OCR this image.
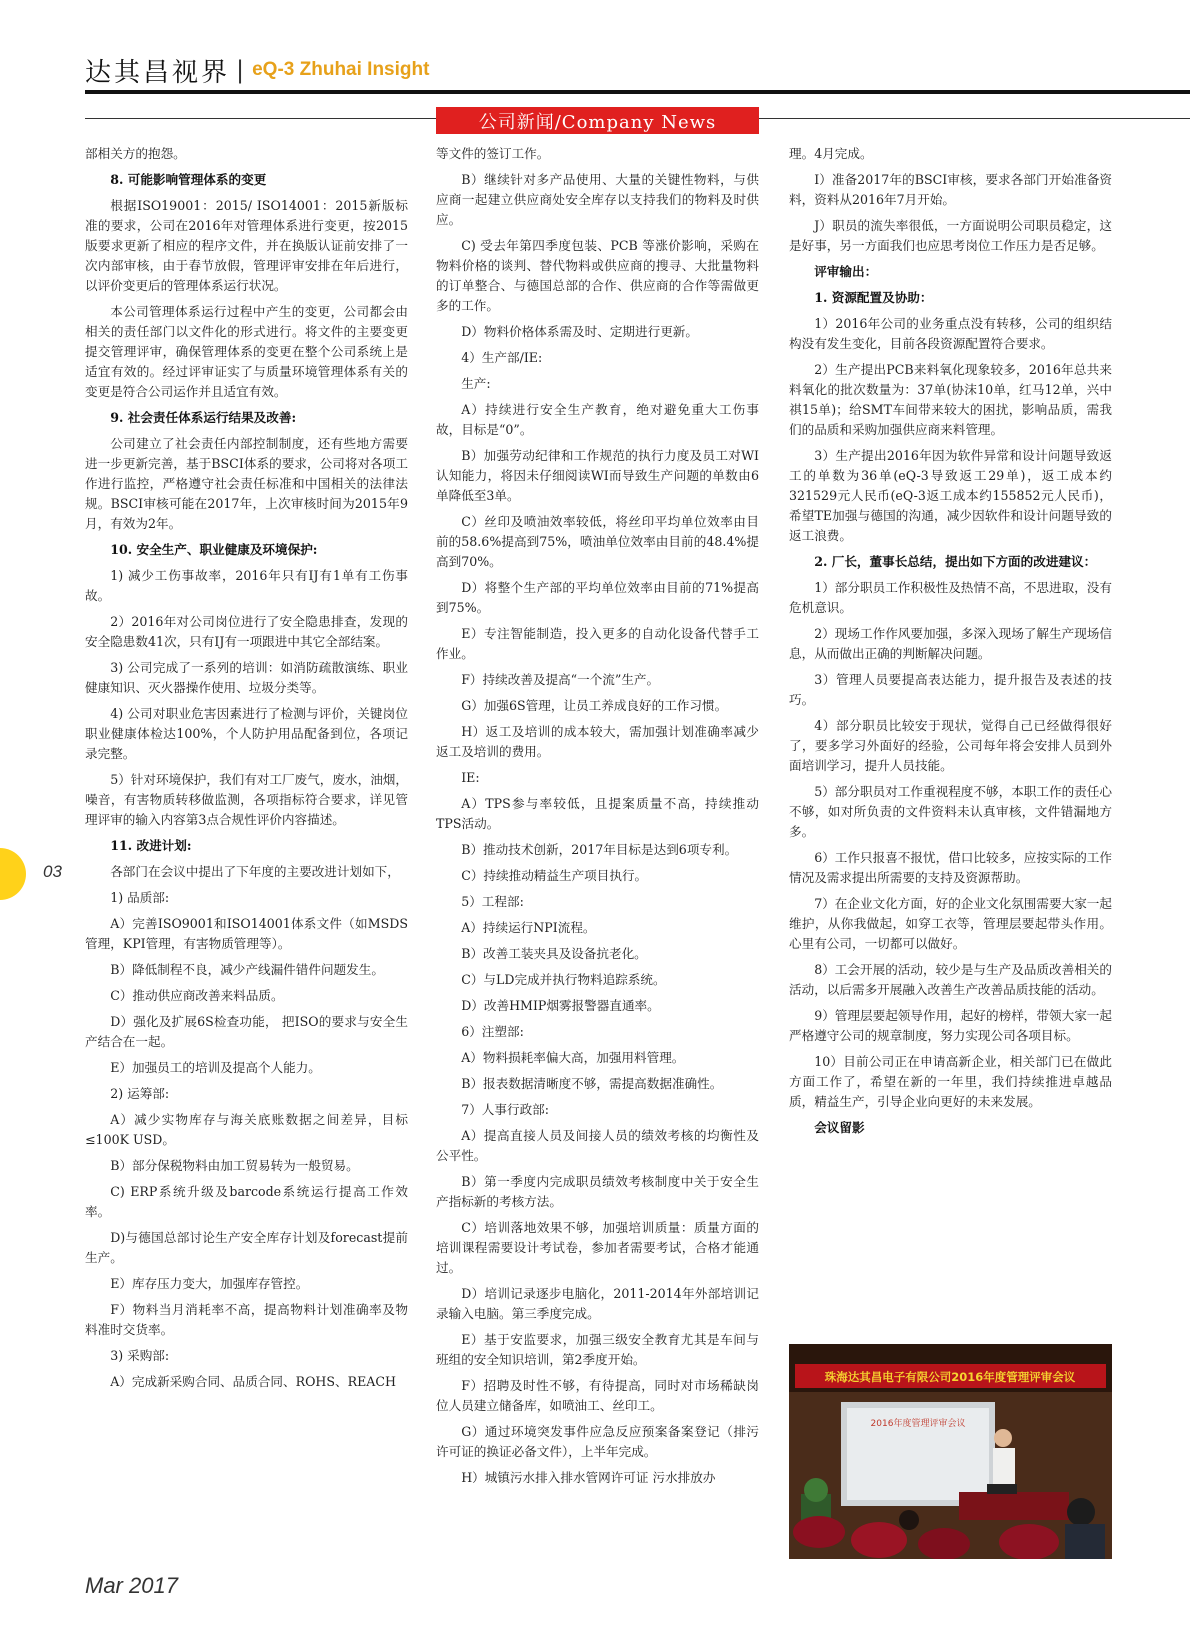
达其昌视界 | eQ-3 Zhuhai Insight
公司新闻/Company News
03

部相关方的抱怨。

8. 可能影响管理体系的变更

根据ISO19001：2015/ ISO14001：2015新版标准的要求，公司在2016年对管理体系进行变更，按2015版要求更新了相应的程序文件，并在换版认证前安排了一次内部审核，由于春节放假，管理评审安排在年后进行，以评价变更后的管理体系运行状况。

本公司管理体系运行过程中产生的变更，公司都会由相关的责任部门以文件化的形式进行。将文件的主要变更提交管理评审，确保管理体系的变更在整个公司系统上是适宜有效的。经过评审证实了与质量环境管理体系有关的变更是符合公司运作并且适宜有效。

9. 社会责任体系运行结果及改善:

公司建立了社会责任内部控制制度，还有些地方需要进一步更新完善，基于BSCI体系的要求，公司将对各项工作进行监控，严格遵守社会责任标准和中国相关的法律法规。BSCI审核可能在2017年，上次审核时间为2015年9月，有效为2年。

10. 安全生产、职业健康及环境保护:

1) 减少工伤事故率，2016年只有IJ有1单有工伤事故。

2）2016年对公司岗位进行了安全隐患排查，发现的安全隐患数41次，只有IJ有一项跟进中其它全部结案。

3) 公司完成了一系列的培训：如消防疏散演练、职业健康知识、灭火器操作使用、垃圾分类等。

4) 公司对职业危害因素进行了检测与评价，关键岗位职业健康体检达100%，个人防护用品配备到位，各项记录完整。

5）针对环境保护，我们有对工厂废气，废水，油烟，噪音，有害物质转移做监测，各项指标符合要求，详见管理评审的输入内容第3点合规性评价内容描述。

11. 改进计划:

各部门在会议中提出了下年度的主要改进计划如下，

1) 品质部:

A）完善ISO9001和ISO14001体系文件（如MSDS管理，KPI管理，有害物质管理等）。

B）降低制程不良，减少产线漏件错件问题发生。

C）推动供应商改善来料品质。

D）强化及扩展6S检查功能， 把ISO的要求与安全生产结合在一起。

E）加强员工的培训及提高个人能力。

2) 运筹部:

A）减少实物库存与海关底账数据之间差异，目标≤100K USD。

B）部分保税物料由加工贸易转为一般贸易。

C) ERP系统升级及barcode系统运行提高工作效率。

D)与德国总部讨论生产安全库存计划及forecast提前生产。

E）库存压力变大，加强库存管控。

F）物料当月消耗率不高，提高物料计划准确率及物料准时交货率。

3) 采购部:

A）完成新采购合同、品质合同、ROHS、REACH

等文件的签订工作。

B）继续针对多产品使用、大量的关键性物料，与供应商一起建立供应商处安全库存以支持我们的物料及时供应。

C) 受去年第四季度包装、PCB 等涨价影响，采购在物料价格的谈判、替代物料或供应商的搜寻、大批量物料的订单整合、与德国总部的合作、供应商的合作等需做更多的工作。

D）物料价格体系需及时、定期进行更新。

4）生产部/IE:

生产:

A）持续进行安全生产教育，绝对避免重大工伤事故，目标是“0”。

B）加强劳动纪律和工作规范的执行力度及员工对WI认知能力，将因未仔细阅读WI而导致生产问题的单数由6单降低至3单。

C）丝印及喷油效率较低，将丝印平均单位效率由目前的58.6%提高到75%，喷油单位效率由目前的48.4%提高到70%。

D）将整个生产部的平均单位效率由目前的71%提高到75%。

E）专注智能制造，投入更多的自动化设备代替手工作业。

F）持续改善及提高“一个流”生产。

G）加强6S管理，让员工养成良好的工作习惯。

H）返工及培训的成本较大，需加强计划准确率减少返工及培训的费用。

IE:

A）TPS参与率较低，且提案质量不高，持续推动TPS活动。

B）推动技术创新，2017年目标是达到6项专利。

C）持续推动精益生产项目执行。

5）工程部:

A）持续运行NPI流程。

B）改善工装夹具及设备抗老化。

C）与LD完成并执行物料追踪系统。

D）改善HMIP烟雾报警器直通率。

6）注塑部:

A）物料损耗率偏大高，加强用料管理。

B）报表数据清晰度不够，需提高数据准确性。

7）人事行政部:

A）提高直接人员及间接人员的绩效考核的均衡性及公平性。

B）第一季度内完成职员绩效考核制度中关于安全生产指标新的考核方法。

C）培训落地效果不够，加强培训质量：质量方面的培训课程需要设计考试卷，参加者需要考试，合格才能通过。

D）培训记录逐步电脑化，2011-2014年外部培训记录输入电脑。第三季度完成。

E）基于安监要求，加强三级安全教育尤其是车间与班组的安全知识培训，第2季度开始。

F）招聘及时性不够，有待提高，同时对市场稀缺岗位人员建立储备库，如喷油工、丝印工。

G）通过环境突发事件应急反应预案备案登记（排污许可证的换证必备文件），上半年完成。

H）城镇污水排入排水管网许可证 污水排放办

理。4月完成。

I）准备2017年的BSCI审核，要求各部门开始准备资料，资料从2016年7月开始。

J）职员的流失率很低，一方面说明公司职员稳定，这是好事，另一方面我们也应思考岗位工作压力是否足够。

评审输出：
1. 资源配置及协助：

1）2016年公司的业务重点没有转移，公司的组织结构没有发生变化，目前各段资源配置符合要求。

2）生产提出PCB来料氧化现象较多，2016年总共来料氧化的批次数量为：37单(协沫10单，红马12单，兴中祺15单)；给SMT车间带来较大的困扰，影响品质，需我们的品质和采购加强供应商来料管理。

3）生产提出2016年因为软件异常和设计问题导致返工的单数为36单(eQ-3导致返工29单)，返工成本约321529元人民币(eQ-3返工成本约155852元人民币)，希望TE加强与德国的沟通，减少因软件和设计问题导致的返工浪费。

2. 厂长，董事长总结，提出如下方面的改进建议：

1）部分职员工作积极性及热情不高，不思进取，没有危机意识。

2）现场工作作风要加强，多深入现场了解生产现场信息，从而做出正确的判断解决问题。

3）管理人员要提高表达能力，提升报告及表述的技巧。

4）部分职员比较安于现状，觉得自己已经做得很好了，要多学习外面好的经验，公司每年将会安排人员到外面培训学习，提升人员技能。

5）部分职员对工作重视程度不够，本职工作的责任心不够，如对所负责的文件资料未认真审核，文件错漏地方多。

6）工作只报喜不报忧，借口比较多，应按实际的工作情况及需求提出所需要的支持及资源帮助。

7）在企业文化方面，好的企业文化氛围需要大家一起维护，从你我做起，如穿工衣等，管理层要起带头作用。心里有公司，一切都可以做好。

8）工会开展的活动，较少是与生产及品质改善相关的活动，以后需多开展融入改善生产改善品质技能的活动。

9）管理层要起领导作用，起好的榜样，带领大家一起严格遵守公司的规章制度，努力实现公司各项目标。

10）目前公司正在申请高新企业，相关部门已在做此方面工作了，希望在新的一年里，我们持续推进卓越品质，精益生产，引导企业向更好的未来发展。

会议留影
珠海达其昌电子有限公司2016年度管理评审会议
2016年度管理评审会议
Mar 2017
